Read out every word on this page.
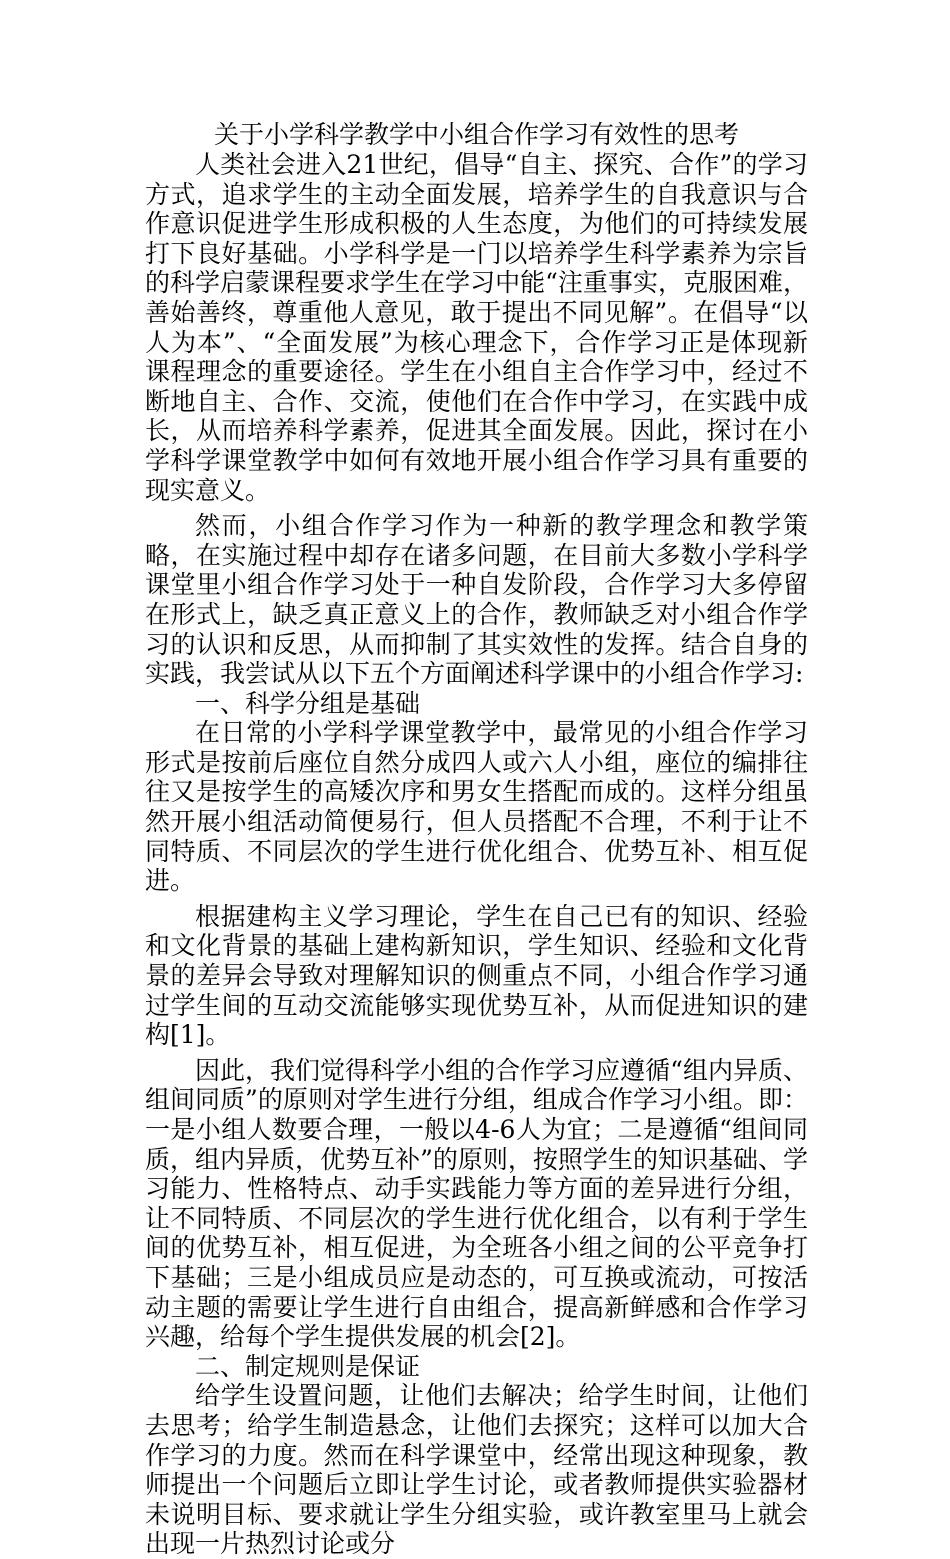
关于小学科学教学中小组合作学习有效性的思考

人类社会进入21世纪，倡导“自主、探究、合作”的学习方式，追求学生的主动全面发展，培养学生的自我意识与合作意识促进学生形成积极的人生态度，为他们的可持续发展打下良好基础。小学科学是一门以培养学生科学素养为宗旨的科学启蒙课程要求学生在学习中能“注重事实，克服困难，善始善终，尊重他人意见，敢于提出不同见解”。在倡导“以人为本”、“全面发展”为核心理念下，合作学习正是体现新课程理念的重要途径。学生在小组自主合作学习中，经过不断地自主、合作、交流，使他们在合作中学习，在实践中成长，从而培养科学素养，促进其全面发展。因此，探讨在小学科学课堂教学中如何有效地开展小组合作学习具有重要的现实意义。

然而，小组合作学习作为一种新的教学理念和教学策略，在实施过程中却存在诸多问题，在目前大多数小学科学课堂里小组合作学习处于一种自发阶段，合作学习大多停留在形式上，缺乏真正意义上的合作，教师缺乏对小组合作学习的认识和反思，从而抑制了其实效性的发挥。结合自身的实践，我尝试从以下五个方面阐述科学课中的小组合作学习:

一、科学分组是基础

在日常的小学科学课堂教学中，最常见的小组合作学习形式是按前后座位自然分成四人或六人小组，座位的编排往往又是按学生的高矮次序和男女生搭配而成的。这样分组虽然开展小组活动简便易行，但人员搭配不合理，不利于让不同特质、不同层次的学生进行优化组合、优势互补、相互促进。

根据建构主义学习理论，学生在自己已有的知识、经验和文化背景的基础上建构新知识，学生知识、经验和文化背景的差异会导致对理解知识的侧重点不同，小组合作学习通过学生间的互动交流能够实现优势互补，从而促进知识的建构[1]。

因此，我们觉得科学小组的合作学习应遵循“组内异质、组间同质”的原则对学生进行分组，组成合作学习小组。即：一是小组人数要合理，一般以4-6人为宜；二是遵循“组间同质，组内异质，优势互补”的原则，按照学生的知识基础、学习能力、性格特点、动手实践能力等方面的差异进行分组，让不同特质、不同层次的学生进行优化组合，以有利于学生间的优势互补，相互促进，为全班各小组之间的公平竞争打下基础；三是小组成员应是动态的，可互换或流动，可按活动主题的需要让学生进行自由组合，提高新鲜感和合作学习兴趣，给每个学生提供发展的机会[2]。

二、制定规则是保证

给学生设置问题，让他们去解决；给学生时间，让他们去思考；给学生制造悬念，让他们去探究；这样可以加大合作学习的力度。然而在科学课堂中，经常出现这种现象，教师提出一个问题后立即让学生讨论，或者教师提供实验器材未说明目标、要求就让学生分组实验，或许教室里马上就会出现一片热烈讨论或分
